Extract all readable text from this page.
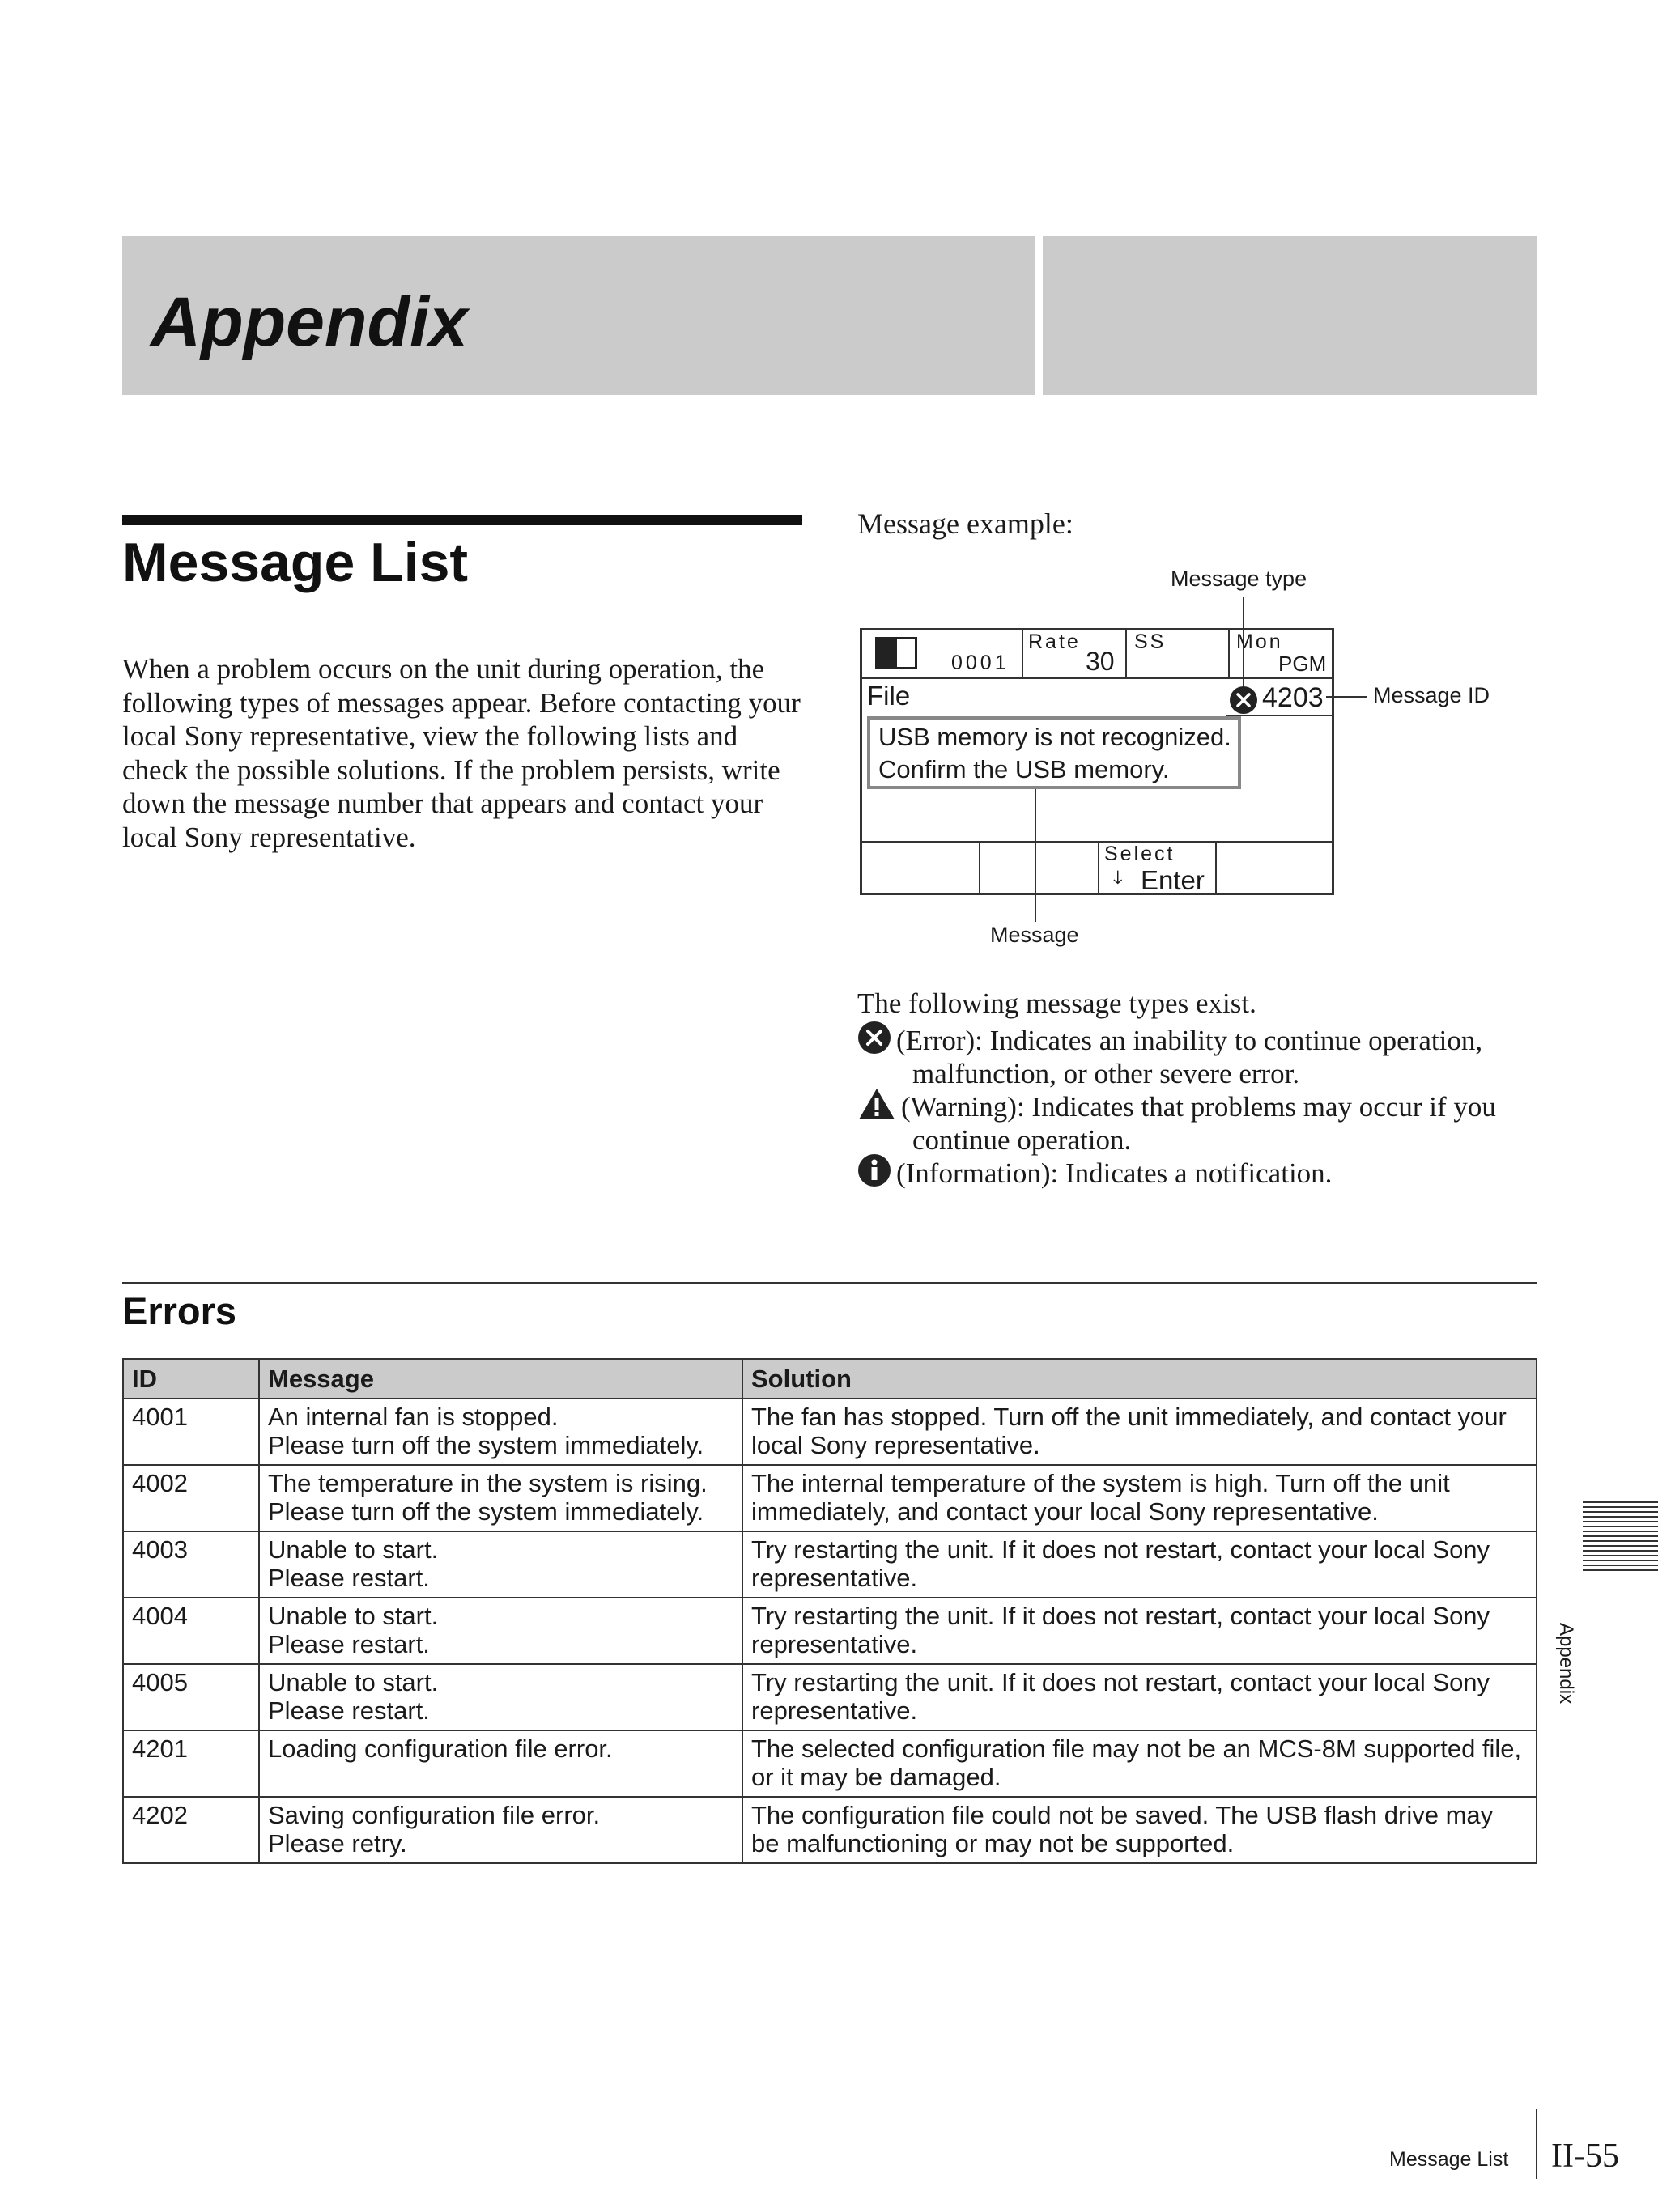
Appendix
Message List
When a problem occurs on the unit during operation, the following types of messages appear. Before contacting your local Sony representative, view the following lists and check the possible solutions. If the problem persists, write down the message number that appears and contact your local Sony representative.
Message example:
Message type
Message ID
Message
0001
Rate
30
SS	Mon
PGM
File	4203
USB memory is not recognized.
Confirm the USB memory.
Select
⤓ Enter
The following message types exist.
(Error): Indicates an inability to continue operation,
malfunction, or other severe error.
(Warning): Indicates that problems may occur if you
continue operation.
(Information): Indicates a notification.
Errors
ID	Message	Solution
4001	An internal fan is stopped.
Please turn off the system immediately.	The fan has stopped. Turn off the unit immediately, and contact your local Sony representative.
4002	The temperature in the system is rising.
Please turn off the system immediately.	The internal temperature of the system is high. Turn off the unit immediately, and contact your local Sony representative.
4003	Unable to start.
Please restart.	Try restarting the unit. If it does not restart, contact your local Sony representative.
4004	Unable to start.
Please restart.	Try restarting the unit. If it does not restart, contact your local Sony representative.
4005	Unable to start.
Please restart.	Try restarting the unit. If it does not restart, contact your local Sony representative.
4201	Loading configuration file error.	The selected configuration file may not be an MCS-8M supported file, or it may be damaged.
4202	Saving configuration file error.
Please retry.	The configuration file could not be saved. The USB flash drive may be malfunctioning or may not be supported.
Appendix
Message List II-55
